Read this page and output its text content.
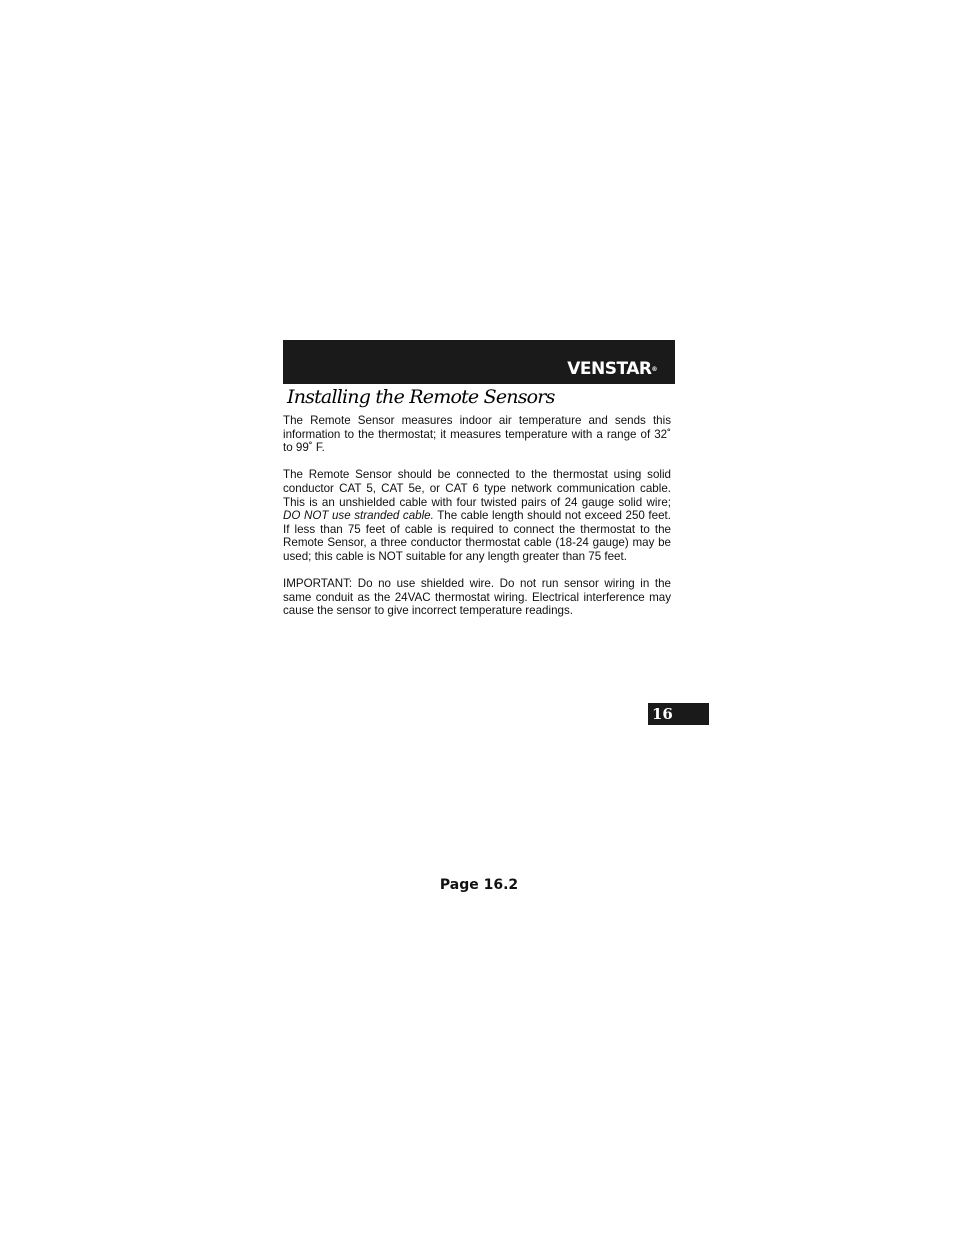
VENSTAR®
Installing the Remote Sensors

The Remote Sensor measures indoor air temperature and sends this information to the thermostat; it measures temperature with a range of 32˚ to 99˚ F.

The Remote Sensor should be connected to the thermostat using solid conductor CAT 5, CAT 5e, or CAT 6 type network communication cable. This is an unshielded cable with four twisted pairs of 24 gauge solid wire; DO NOT use stranded cable. The cable length should not exceed 250 feet. If less than 75 feet of cable is required to connect the thermostat to the Remote Sensor, a three conductor thermostat cable (18-24 gauge) may be used; this cable is NOT suitable for any length greater than 75 feet.

IMPORTANT: Do no use shielded wire. Do not run sensor wiring in the same conduit as the 24VAC thermostat wiring. Electrical interference may cause the sensor to give incorrect temperature readings.

16
Page 16.2
